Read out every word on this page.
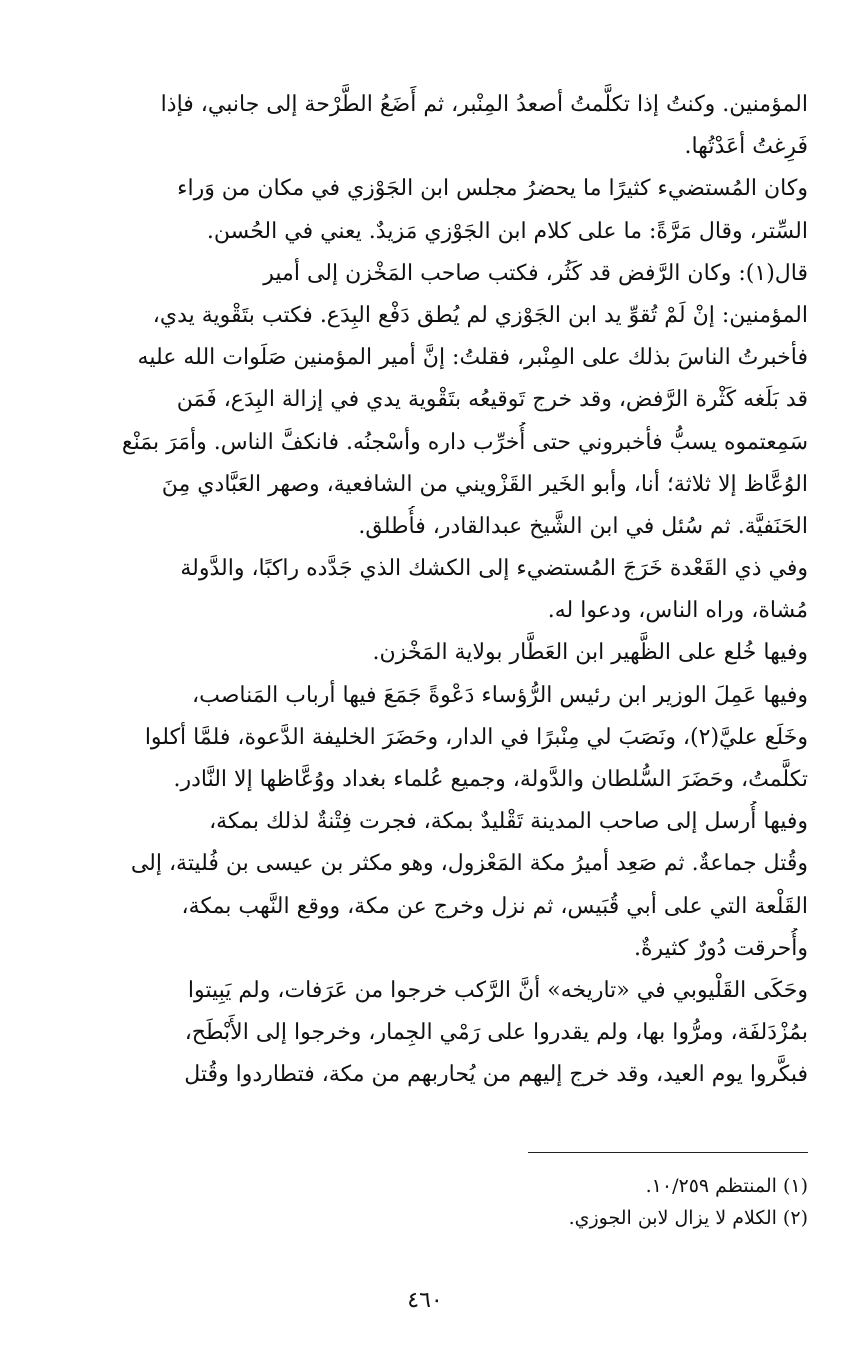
المؤمنين. وكنتُ إذا تكلَّمتُ أصعدُ المِنْبر، ثم أَضَعُ الطَّرْحة إلى جانبي، فإذا
فَرِغتُ أعَدْتُها.
وكان المُستضيء كثيرًا ما يحضرُ مجلس ابن الجَوْزي في مكان من وَراء
السِّتر، وقال مَرَّةً: ما على كلام ابن الجَوْزي مَزيدٌ. يعني في الحُسن.
قال(١): وكان الرَّفض قد كَثُر، فكتب صاحب المَخْزن إلى أمير
المؤمنين: إنْ لَمْ تُقوِّ يد ابن الجَوْزي لم يُطق دَفْع البِدَع. فكتب بتَقْوية يدي،
فأخبرتُ الناسَ بذلك على المِنْبر، فقلتُ: إنَّ أمير المؤمنين صَلَوات الله عليه
قد بَلَغه كَثْرة الرَّفض، وقد خرج تَوقيعُه بتَقْوية يدي في إزالة البِدَع، فَمَن
سَمِعتموه يسبُّ فأخبروني حتى أُخرِّب داره وأسْجنُه. فانكفَّ الناس. وأمَرَ بمَنْع
الوُعَّاظ إلا ثلاثة؛ أنا، وأبو الخَير القَزْويني من الشافعية، وصهر العَبَّادي مِنَ
الحَنَفيَّة. ثم سُئل في ابن الشَّيخ عبدالقادر، فأُطلق.
وفي ذي القَعْدة خَرَجَ المُستضيء إلى الكشك الذي جَدَّده راكبًا، والدَّولة
مُشاة، وراه الناس، ودعوا له.
وفيها خُلع على الظَّهير ابن العَطَّار بولاية المَخْزن.
وفيها عَمِلَ الوزير ابن رئيس الرُّؤساء دَعْوةً جَمَعَ فيها أرباب المَناصب،
وخَلَع عليَّ(٢)، ونَصَبَ لي مِنْبرًا في الدار، وحَضَرَ الخليفة الدَّعوة، فلمَّا أكلوا
تكلَّمتُ، وحَضَرَ السُّلطان والدَّولة، وجميع عُلماء بغداد ووُعَّاظها إلا النَّادر.
وفيها أُرسل إلى صاحب المدينة تَقْليدٌ بمكة، فجرت فِتْنةٌ لذلك بمكة،
وقُتل جماعةٌ. ثم صَعِد أميرُ مكة المَعْزول، وهو مكثر بن عيسى بن فُليتة، إلى
القَلْعة التي على أبي قُبَيس، ثم نزل وخرج عن مكة، ووقع النَّهب بمكة،
وأُحرقت دُورٌ كثيرةٌ.
وحَكَى القَلْيوبي في «تاريخه» أنَّ الرَّكب خرجوا من عَرَفات، ولم يَبِيتوا
بمُزْدَلفَة، ومرُّوا بها، ولم يقدروا على رَمْي الجِمار، وخرجوا إلى الأَبْطَح،
فبكَّروا يوم العيد، وقد خرج إليهم من يُحاربهم من مكة، فتطاردوا وقُتل
(١) المنتظم ١٠/٢٥٩.
(٢) الكلام لا يزال لابن الجوزي.
٤٦٠
